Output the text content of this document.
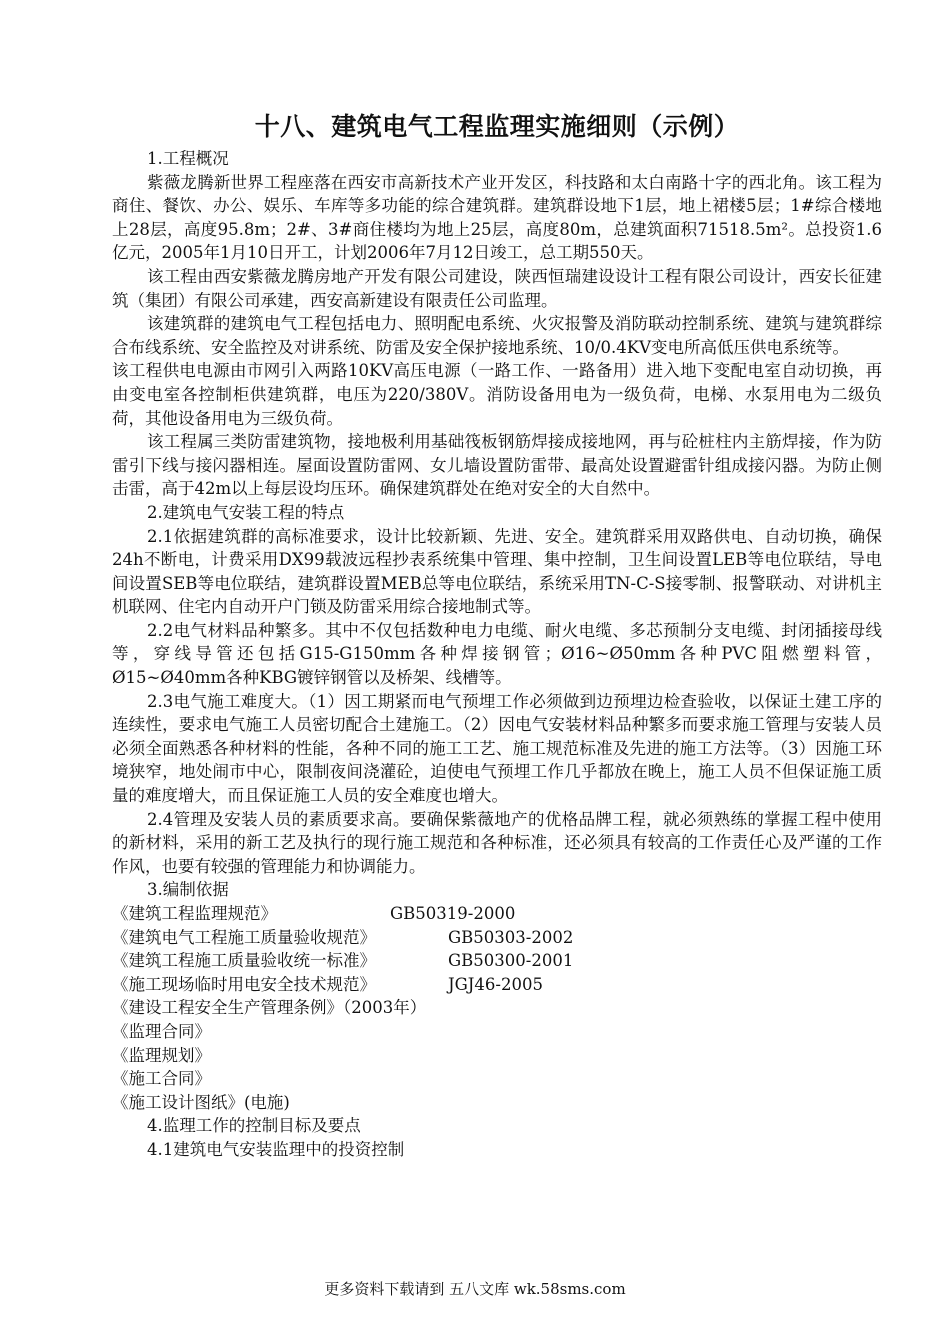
十八、建筑电气工程监理实施细则（示例）

1.工程概况

紫薇龙腾新世界工程座落在西安市高新技术产业开发区，科技路和太白南路十字的西北角。该工程为商住、餐饮、办公、娱乐、车库等多功能的综合建筑群。建筑群设地下1层，地上裙楼5层；1#综合楼地上28层，高度95.8m；2#、3#商住楼均为地上25层，高度80m，总建筑面积71518.5m²。总投资1.6亿元，2005年1月10日开工，计划2006年7月12日竣工，总工期550天。

该工程由西安紫薇龙腾房地产开发有限公司建设，陕西恒瑞建设设计工程有限公司设计，西安长征建筑（集团）有限公司承建，西安高新建设有限责任公司监理。

该建筑群的建筑电气工程包括电力、照明配电系统、火灾报警及消防联动控制系统、建筑与建筑群综合布线系统、安全监控及对讲系统、防雷及安全保护接地系统、10/0.4KV变电所高低压供电系统等。

该工程供电电源由市网引入两路10KV高压电源（一路工作、一路备用）进入地下变配电室自动切换，再由变电室各控制柜供建筑群，电压为220/380V。消防设备用电为一级负荷，电梯、水泵用电为二级负荷，其他设备用电为三级负荷。

该工程属三类防雷建筑物，接地极利用基础筏板钢筋焊接成接地网，再与砼桩柱内主筋焊接，作为防雷引下线与接闪器相连。屋面设置防雷网、女儿墙设置防雷带、最高处设置避雷针组成接闪器。为防止侧击雷，高于42m以上每层设均压环。确保建筑群处在绝对安全的大自然中。

2.建筑电气安装工程的特点

2.1依据建筑群的高标准要求，设计比较新颖、先进、安全。建筑群采用双路供电、自动切换，确保24h不断电，计费采用DX99载波远程抄表系统集中管理、集中控制，卫生间设置LEB等电位联结，导电间设置SEB等电位联结，建筑群设置MEB总等电位联结，系统采用TN-C-S接零制、报警联动、对讲机主机联网、住宅内自动开户门锁及防雷采用综合接地制式等。

2.2电气材料品种繁多。其中不仅包括数种电力电缆、耐火电缆、多芯预制分支电缆、封闭插接母线等，穿线导管还包括G15-G150mm各种焊接钢管；Ø16~Ø50mm各种PVC阻燃塑料管，Ø15~Ø40mm各种KBG镀锌钢管以及桥架、线槽等。

2.3电气施工难度大。（1）因工期紧而电气预埋工作必须做到边预埋边检查验收，以保证土建工序的连续性，要求电气施工人员密切配合土建施工。（2）因电气安装材料品种繁多而要求施工管理与安装人员必须全面熟悉各种材料的性能，各种不同的施工工艺、施工规范标准及先进的施工方法等。（3）因施工环境狭窄，地处闹市中心，限制夜间浇灌砼，迫使电气预埋工作几乎都放在晚上，施工人员不但保证施工质量的难度增大，而且保证施工人员的安全难度也增大。

2.4管理及安装人员的素质要求高。要确保紫薇地产的优格品牌工程，就必须熟练的掌握工程中使用的新材料，采用的新工艺及执行的现行施工规范和各种标准，还必须具有较高的工作责任心及严谨的工作作风，也要有较强的管理能力和协调能力。

3.编制依据

《建筑工程监理规范》	GB50319-2000
《建筑电气工程施工质量验收规范》	GB50303-2002
《建筑工程施工质量验收统一标准》	GB50300-2001
《施工现场临时用电安全技术规范》	JGJ46-2005
《建设工程安全生产管理条例》（2003年）
《监理合同》
《监理规划》
《施工合同》
《施工设计图纸》(电施)

4.监理工作的控制目标及要点

4.1建筑电气安装监理中的投资控制

更多资料下载请到 五八文库 wk.58sms.com
